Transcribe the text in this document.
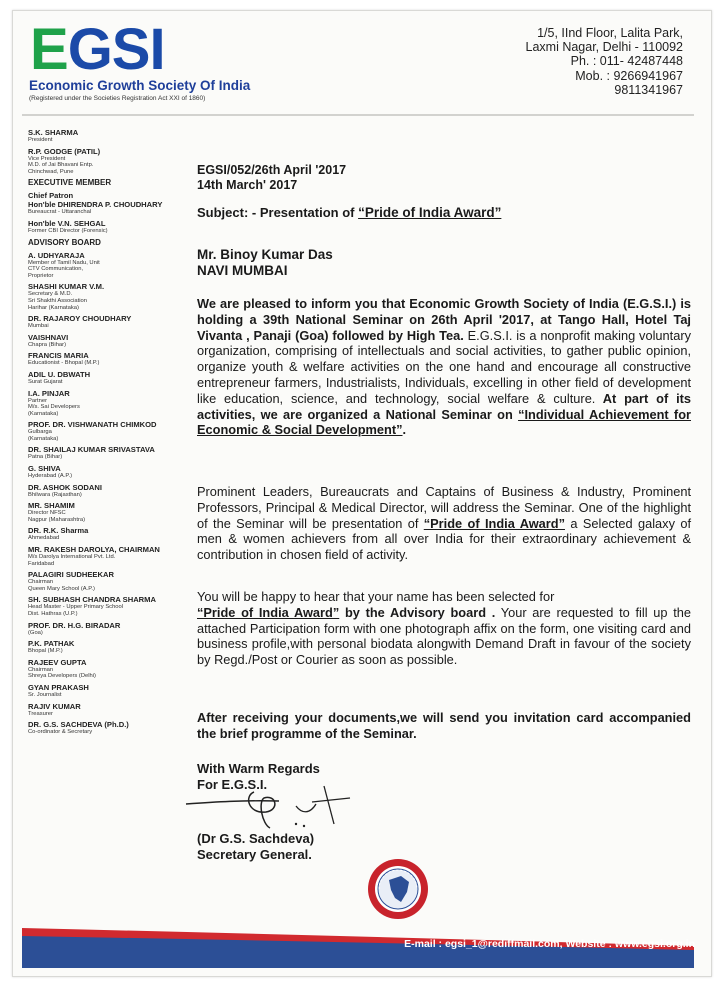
EGSI
Economic Growth Society Of India
(Registered under the Societies Registration Act XXI of 1860)
1/5, IInd Floor, Lalita Park,
Laxmi Nagar, Delhi - 110092
Ph. : 011- 42487448
Mob. : 9266941967
9811341967
S.K. SHARMA
President
R.P. GODGE (PATIL)
Vice President
M.D. of Jai Bhavani Entp.
Chinchwad, Pune
EXECUTIVE MEMBER
Chief Patron
Hon'ble DHIRENDRA P. CHOUDHARY
Bureaucrat - Uttaranchal
Hon'ble V.N. SEHGAL
Former CBI Director (Forensic)
ADVISORY BOARD
A. UDHYARAJA
Member of Tamil Nadu, Unit
CTV Communication,
Proprietor
SHASHI KUMAR V.M.
Secretary & M.D.
Sri Shakthi Association
Harihar (Karnataka)
DR. RAJAROY CHOUDHARY
Mumbai
VAISHNAVI
Chapra (Bihar)
FRANCIS MARIA
Educationist - Bhopal (M.P.)
ADIL U. DBWATH
Surat Gujarat
I.A. PINJAR
Partner
M/s. Sai Developers
(Karnataka)
PROF. DR. VISHWANATH CHIMKOD
Gulbarga
(Karnataka)
DR. SHAILAJ KUMAR SRIVASTAVA
Patna (Bihar)
G. SHIVA
Hyderabad (A.P.)
DR. ASHOK SODANI
Bhilwara (Rajasthan)
MR. SHAMIM
Director NFSC
Nagpur (Maharashtra)
DR. R.K. Sharma
Ahmedabad
MR. RAKESH DAROLYA, CHAIRMAN
M/s Darolya International Pvt. Ltd.
Faridabad
PALAGIRI SUDHEEKAR
Chairman
Queen Mary School (A.P.)
SH. SUBHASH CHANDRA SHARMA
Head Master - Upper Primary School
Dist. Hathras (U.P.)
PROF. DR. H.G. BIRADAR
(Goa)
P.K. PATHAK
Bhopal (M.P.)
RAJEEV GUPTA
Chairman
Shreya Developers (Delhi)
GYAN PRAKASH
Sr. Journalist
RAJIV KUMAR
Treasurer
DR. G.S. SACHDEVA (Ph.D.)
Co-ordinator & Secretary
EGSI/052/26th April '2017
14th March' 2017
Subject: - Presentation of “Pride of India Award”
Mr. Binoy Kumar Das
NAVI MUMBAI
We are pleased to inform you that Economic Growth Society of India (E.G.S.I.) is holding a 39th National Seminar on 26th April '2017, at Tango Hall, Hotel Taj Vivanta , Panaji (Goa) followed by High Tea. E.G.S.I. is a nonprofit making voluntary organization, comprising of intellectuals and social activities, to gather public opinion, organize youth & welfare activities on the one hand and encourage all constructive entrepreneur farmers, Industrialists, Individuals, excelling in other field of development like education, science, and technology, social welfare & culture. At part of its activities, we are organized a National Seminar on “Individual Achievement for Economic & Social Development”.
Prominent Leaders, Bureaucrats and Captains of Business & Industry, Prominent Professors, Principal & Medical Director, will address the Seminar. One of the highlight of the Seminar will be presentation of “Pride of India Award” a Selected galaxy of men & women achievers from all over India for their extraordinary achievement & contribution in chosen field of activity.
You will be happy to hear that your name has been selected for
“Pride of India Award” by the Advisory board . Your are requested to fill up the attached Participation form with one photograph affix on the form, one visiting card and business profile,with personal biodata alongwith Demand Draft in favour of the society by Regd./Post or Courier as soon as possible.
After receiving your documents,we will send you invitation card accompanied the brief programme of the Seminar.
With Warm Regards
For E.G.S.I.
(Dr G.S. Sachdeva)
Secretary General.
E-mail : egsi_1@rediffmail.com, Website : www.egsi.org.in
